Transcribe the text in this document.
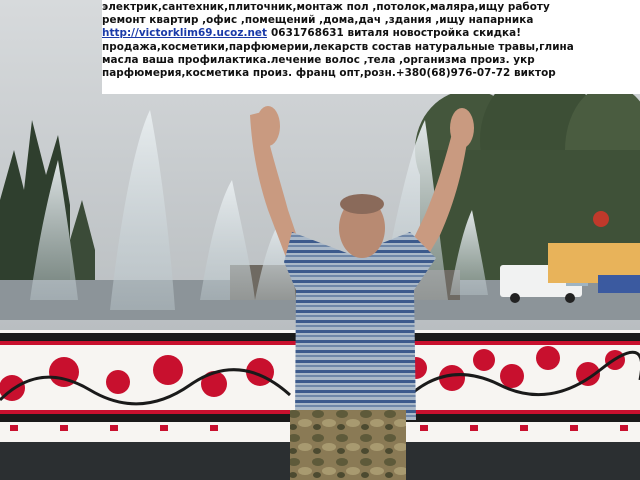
электрик,сантехник,плиточник,монтаж пол ,потолок,маляра,ищу работу
ремонт квартир ,офис ,помещений ,дома,дач ,здания ,ищу напарника
http://victorklim69.ucoz.net 0631768631 виталя новостройка скидка!
продажа,косметики,парфюмерии,лекарств состав натуральные травы,глина
масла ваша профилактика.лечение волос ,тела ,организма произ. укр
парфюмерия,косметика произ. франц опт,розн.+380(68)976-07-72 виктор
